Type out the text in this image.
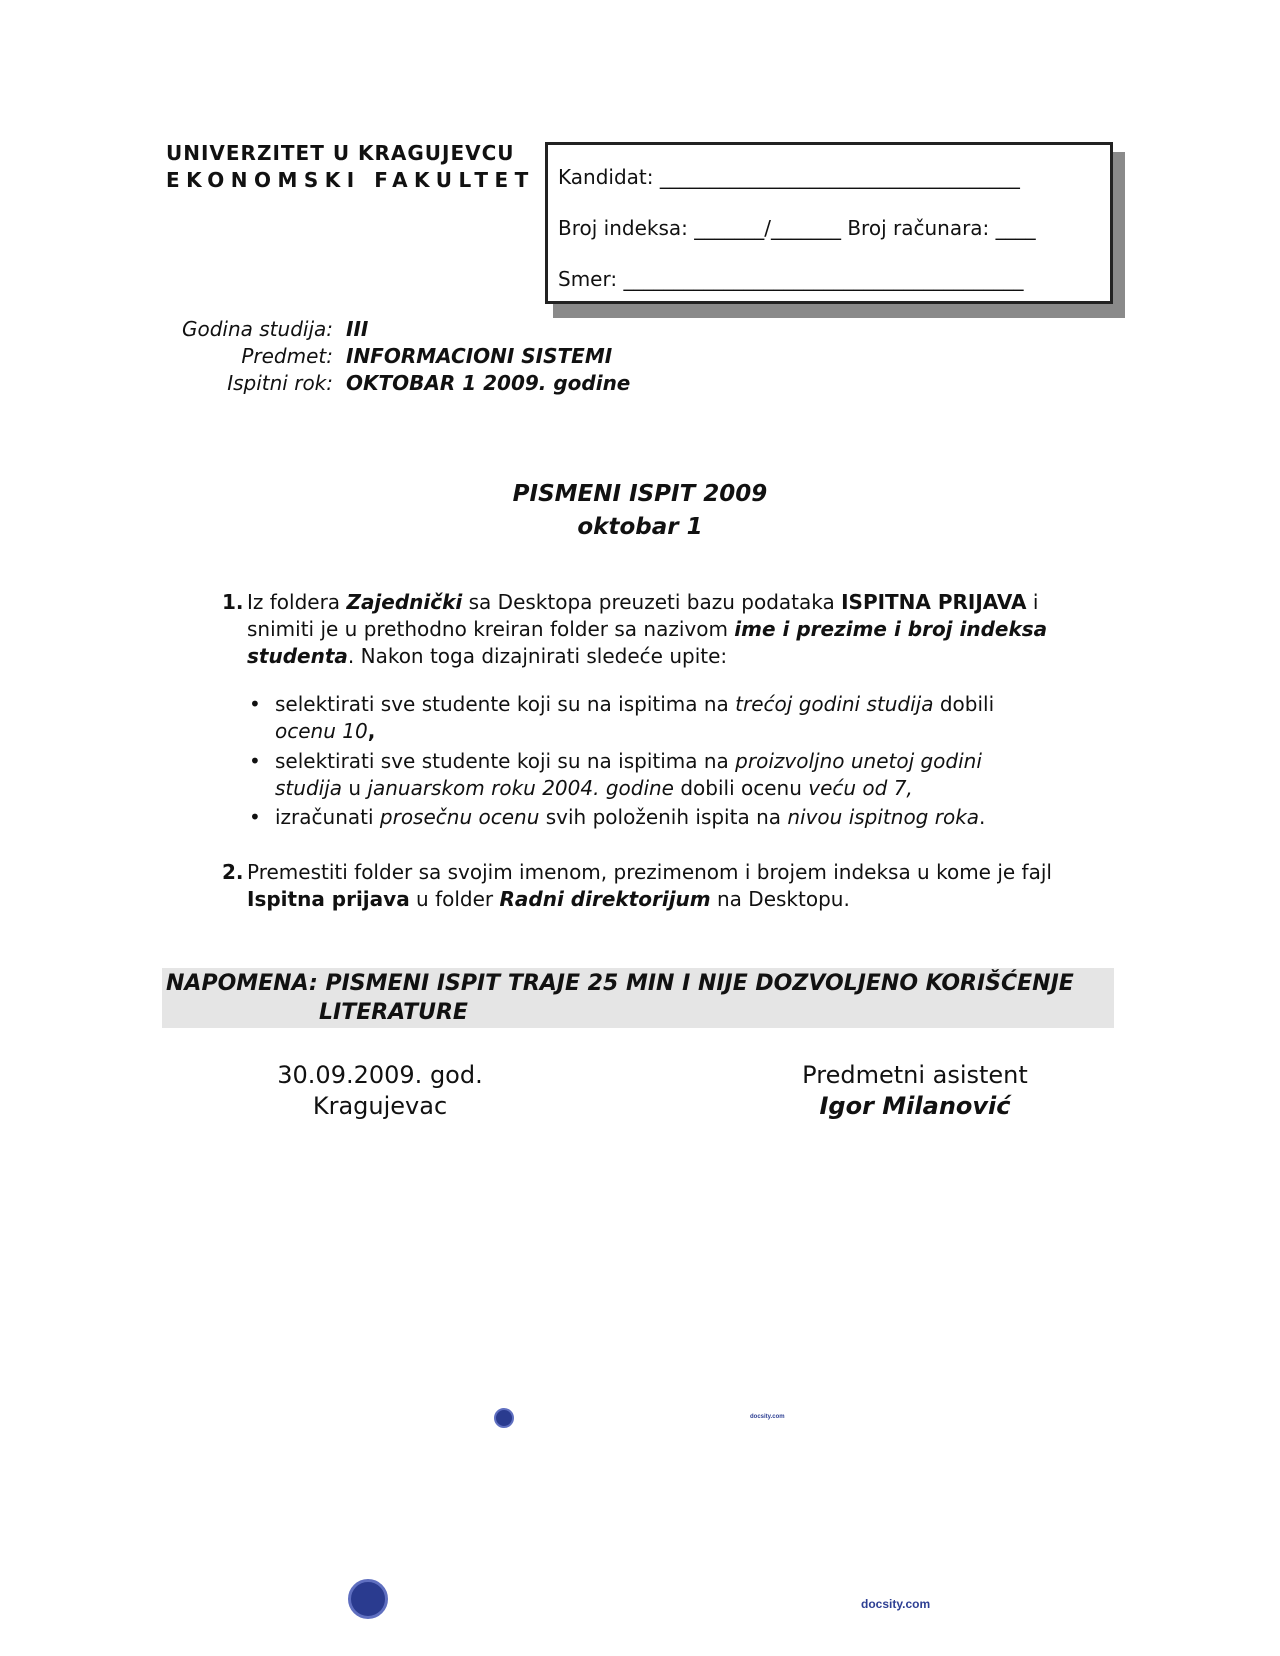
UNIVERZITET U KRAGUJEVCU
EKONOMSKI FAKULTET Kandidat: ____________________________________
Broj indeksa: _______/_______ Broj računara: ____
Smer: ________________________________________
Godina studija: III
Predmet: INFORMACIONI SISTEMI
Ispitni rok: OKTOBAR 1 2009. godine
PISMENI ISPIT 2009
oktobar 1
1. Iz foldera Zajednički sa Desktopa preuzeti bazu podataka ISPITNA PRIJAVA i
snimiti je u prethodno kreiran folder sa nazivom ime i prezime i broj indeksa
studenta. Nakon toga dizajnirati sledeće upite:
• selektirati sve studente koji su na ispitima na trećoj godini studija dobili
ocenu 10,
• selektirati sve studente koji su na ispitima na proizvoljno unetoj godini
studija u januarskom roku 2004. godine dobili ocenu veću od 7,
• izračunati prosečnu ocenu svih položenih ispita na nivou ispitnog roka.
2. Premestiti folder sa svojim imenom, prezimenom i brojem indeksa u kome je fajl
Ispitna prijava u folder Radni direktorijum na Desktopu.
NAPOMENA: PISMENI ISPIT TRAJE 25 MIN I NIJE DOZVOLJENO KORIŠĆENJE
LITERATURE
30.09.2009. god.
Kragujevac
Predmetni asistent
Igor Milanović
docsity.com
docsity.com
